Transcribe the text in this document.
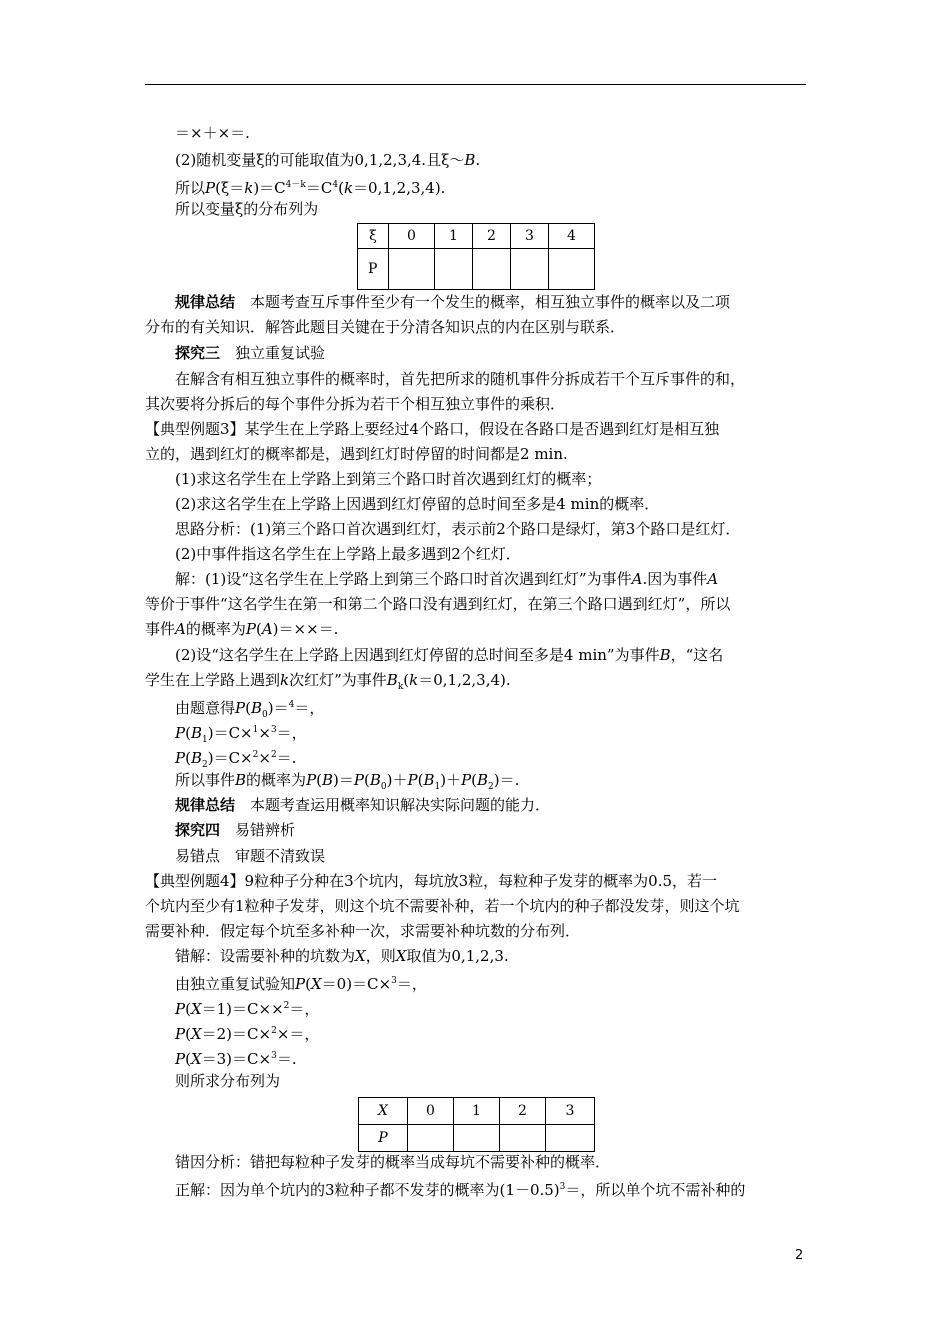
＝×＋×＝.
(2)随机变量ξ的可能取值为0,1,2,3,4.且ξ～B.
所以$P(\xi=k)=C^{4-k}=C^4(k=0,1,2,3,4)$.
所以变量ξ的分布列为
ξ	0	1	2	3	4
P					
规律总结　本题考查互斥事件至少有一个发生的概率，相互独立事件的概率以及二项
分布的有关知识．解答此题目关键在于分清各知识点的内在区别与联系．
探究三　独立重复试验
在解含有相互独立事件的概率时，首先把所求的随机事件分拆成若干个互斥事件的和，
其次要将分拆后的每个事件分拆为若干个相互独立事件的乘积．
【典型例题3】某学生在上学路上要经过4个路口，假设在各路口是否遇到红灯是相互独
立的，遇到红灯的概率都是，遇到红灯时停留的时间都是2 min.
(1)求这名学生在上学路上到第三个路口时首次遇到红灯的概率；
(2)求这名学生在上学路上因遇到红灯停留的总时间至多是4 min的概率．
思路分析：(1)第三个路口首次遇到红灯，表示前2个路口是绿灯，第3个路口是红灯．
(2)中事件指这名学生在上学路上最多遇到2个红灯．
解：(1)设“这名学生在上学路上到第三个路口时首次遇到红灯”为事件A.因为事件A
等价于事件“这名学生在第一和第二个路口没有遇到红灯，在第三个路口遇到红灯”，所以
事件A的概率为P(A)＝××＝.
(2)设“这名学生在上学路上因遇到红灯停留的总时间至多是4 min”为事件B，“这名
学生在上学路上遇到k次红灯”为事件$B_k(k=0,1,2,3,4)$.
由题意得$P(B_0)=^4=$，
$P(B_1)=C\times^1\times^3=$，
$P(B_2)=C\times^2\times^2=$.
所以事件B的概率为$P(B)=P(B_0)+P(B_1)+P(B_2)=$.
规律总结　本题考查运用概率知识解决实际问题的能力．
探究四　易错辨析
易错点　审题不清致误
【典型例题4】9粒种子分种在3个坑内，每坑放3粒，每粒种子发芽的概率为0.5，若一
个坑内至少有1粒种子发芽，则这个坑不需要补种，若一个坑内的种子都没发芽，则这个坑
需要补种．假定每个坑至多补种一次，求需要补种坑数的分布列．
错解：设需要补种的坑数为X，则X取值为0,1,2,3.
由独立重复试验知P(X＝0)＝C×$^3$＝，
P(X＝1)＝C××$^2$＝，
P(X＝2)＝C×$^2$×＝，
P(X＝3)＝C×$^3$＝.
则所求分布列为
X	0	1	2	3
P				
错因分析：错把每粒种子发芽的概率当成每坑不需要补种的概率．
正解：因为单个坑内的3粒种子都不发芽的概率为$(1-0.5)^3=$，所以单个坑不需补种的
2
